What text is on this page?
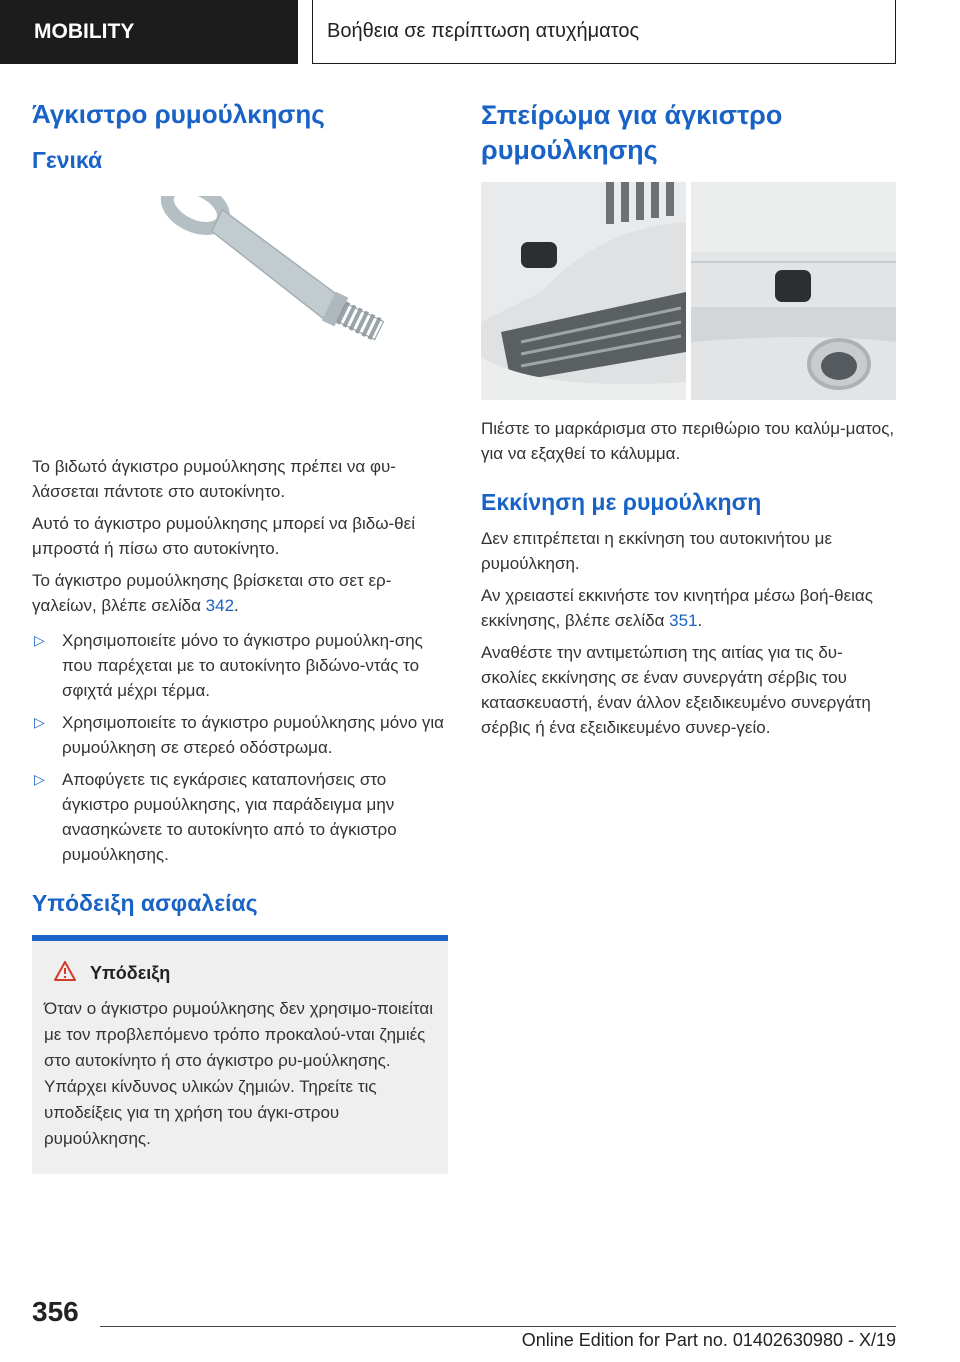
MOBILITY	Βοήθεια σε περίπτωση ατυχήματος
Άγκιστρο ρυμούλκησης
Γενικά

Το βιδωτό άγκιστρο ρυμούλκησης πρέπει να φυ-λάσσεται πάντοτε στο αυτοκίνητο.

Αυτό το άγκιστρο ρυμούλκησης μπορεί να βιδω-θεί μπροστά ή πίσω στο αυτοκίνητο.

Το άγκιστρο ρυμούλκησης βρίσκεται στο σετ ερ-γαλείων, βλέπε σελίδα 342.

▷ Χρησιμοποιείτε μόνο το άγκιστρο ρυμούλκη-σης που παρέχεται με το αυτοκίνητο βιδώνο-ντάς το σφιχτά μέχρι τέρμα.
▷ Χρησιμοποιείτε το άγκιστρο ρυμούλκησης μόνο για ρυμούλκηση σε στερεό οδόστρωμα.
▷ Αποφύγετε τις εγκάρσιες καταπονήσεις στο άγκιστρο ρυμούλκησης, για παράδειγμα μην ανασηκώνετε το αυτοκίνητο από το άγκιστρο ρυμούλκησης.
Υπόδειξη ασφαλείας
Υπόδειξη

Όταν ο άγκιστρο ρυμούλκησης δεν χρησιμο-ποιείται με τον προβλεπόμενο τρόπο προκαλού-νται ζημιές στο αυτοκίνητο ή στο άγκιστρο ρυ-μούλκησης. Υπάρχει κίνδυνος υλικών ζημιών. Τηρείτε τις υποδείξεις για τη χρήση του άγκι-στρου ρυμούλκησης.

Σπείρωμα για άγκιστρο ρυμούλκησης

Πιέστε το μαρκάρισμα στο περιθώριο του καλύμ-ματος, για να εξαχθεί το κάλυμμα.

Εκκίνηση με ρυμούλκηση

Δεν επιτρέπεται η εκκίνηση του αυτοκινήτου με ρυμούλκηση.

Αν χρειαστεί εκκινήστε τον κινητήρα μέσω βοή-θειας εκκίνησης, βλέπε σελίδα 351.

Αναθέστε την αντιμετώπιση της αιτίας για τις δυ-σκολίες εκκίνησης σε έναν συνεργάτη σέρβις του κατασκευαστή, έναν άλλον εξειδικευμένο συνεργάτη σέρβις ή ένα εξειδικευμένο συνερ-γείο.

356
Online Edition for Part no. 01402630980 - X/19
